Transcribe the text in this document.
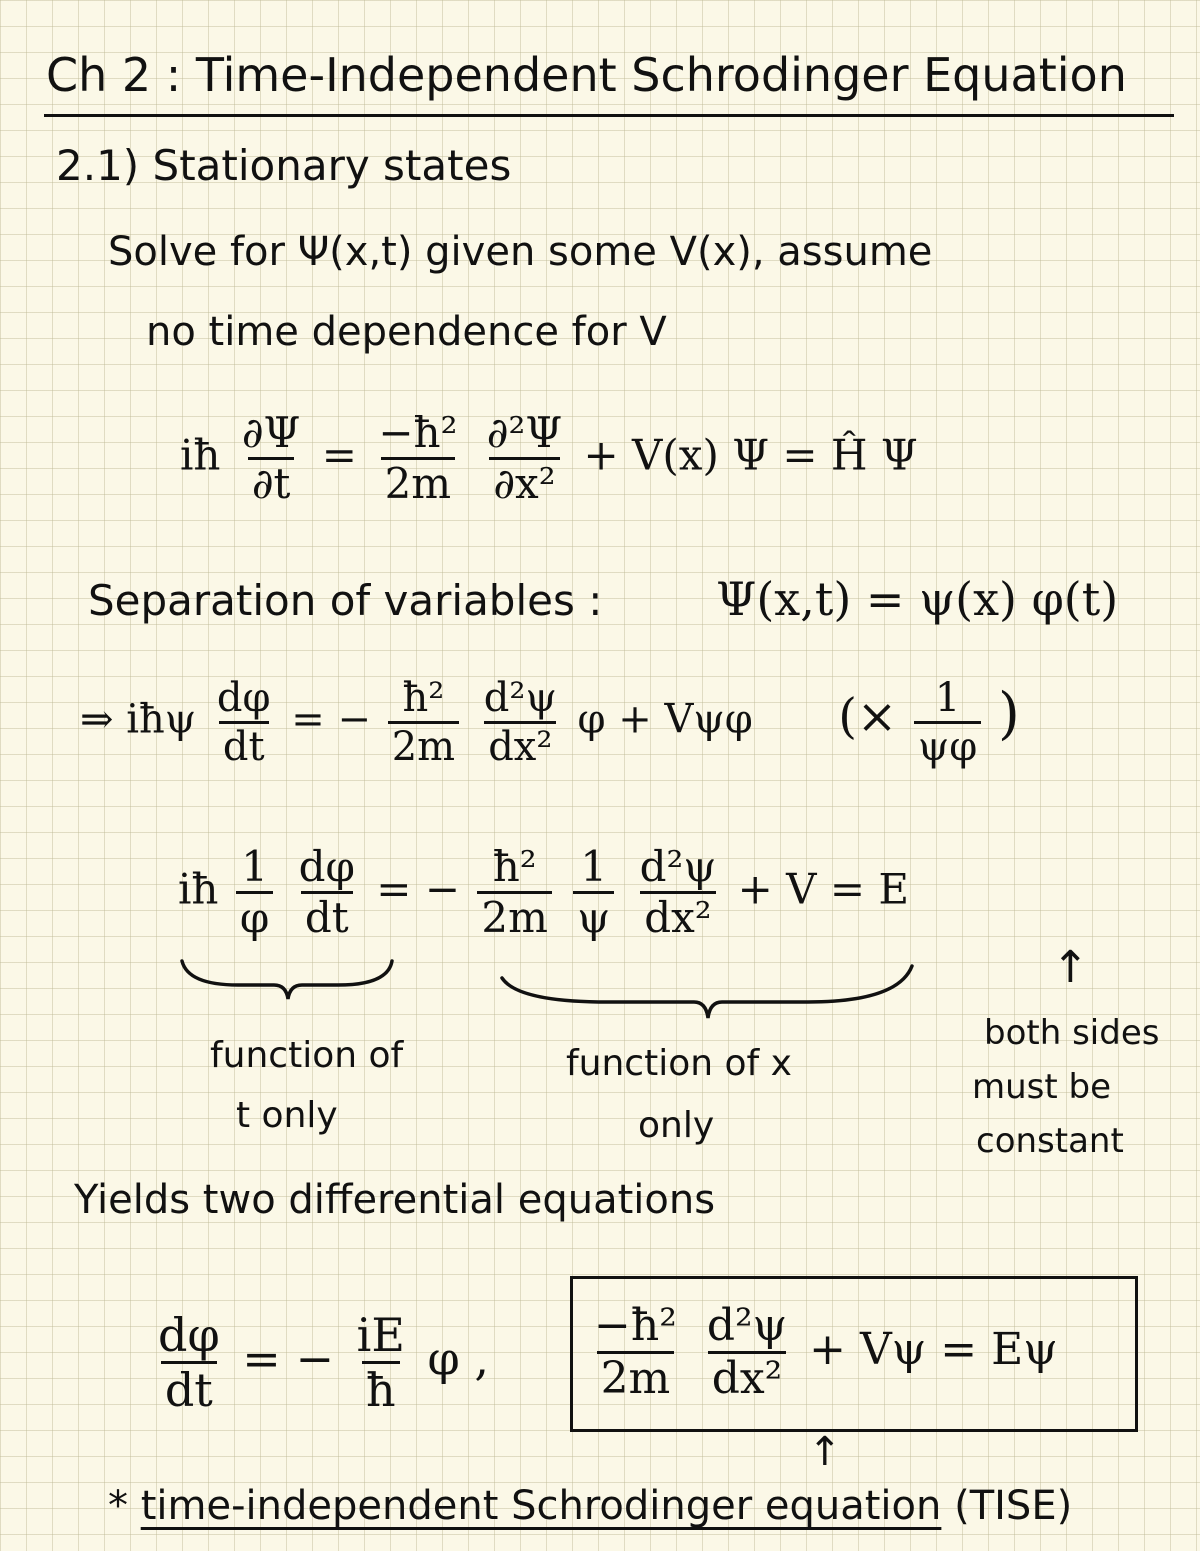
Ch 2 : Time-Independent Schrodinger Equation
2.1) Stationary states
Solve for Ψ(x,t) given some V(x), assume
no time dependence for V
iħ $\frac{\partial\Psi}{\partial t} = \frac{\text{−ħ²}}{2m}$
$\frac{\text{∂²Ψ}}{\text{∂x²}} + V(x) \Psi$ = Ĥ Ψ
Separation of variables : Ψ(x,t) = ψ(x) φ(t)
⇒ iħψ $\frac{d\varphi}{dt}$ = − $\frac{\text{ħ²}}{2m}$
$\frac{\text{d²ψ}}{\text{dx²}}$ φ + Vψφ (× $\frac{1}{\psi\varphi}$ )
iħ $\frac{1}{\varphi}$
$\frac{d\varphi}{dt}$ = − $\frac{\text{ħ²}}{2m}$
$\frac{1}{\psi}$
$\frac{\text{d²ψ}}{\text{dx²}} + V = E$
↑
function of
t only
function of x
only
both sides
must be
constant
Yields two differential equations
$\frac{d\varphi}{dt}$ = − $\frac{iE}{ħ}$ φ , $\frac{\text{−ħ²}}{2m}$
$\frac{\text{d²ψ}}{\text{dx²}} + V\psi = E\psi$
↑
* time-independent Schrodinger equation (TISE)
